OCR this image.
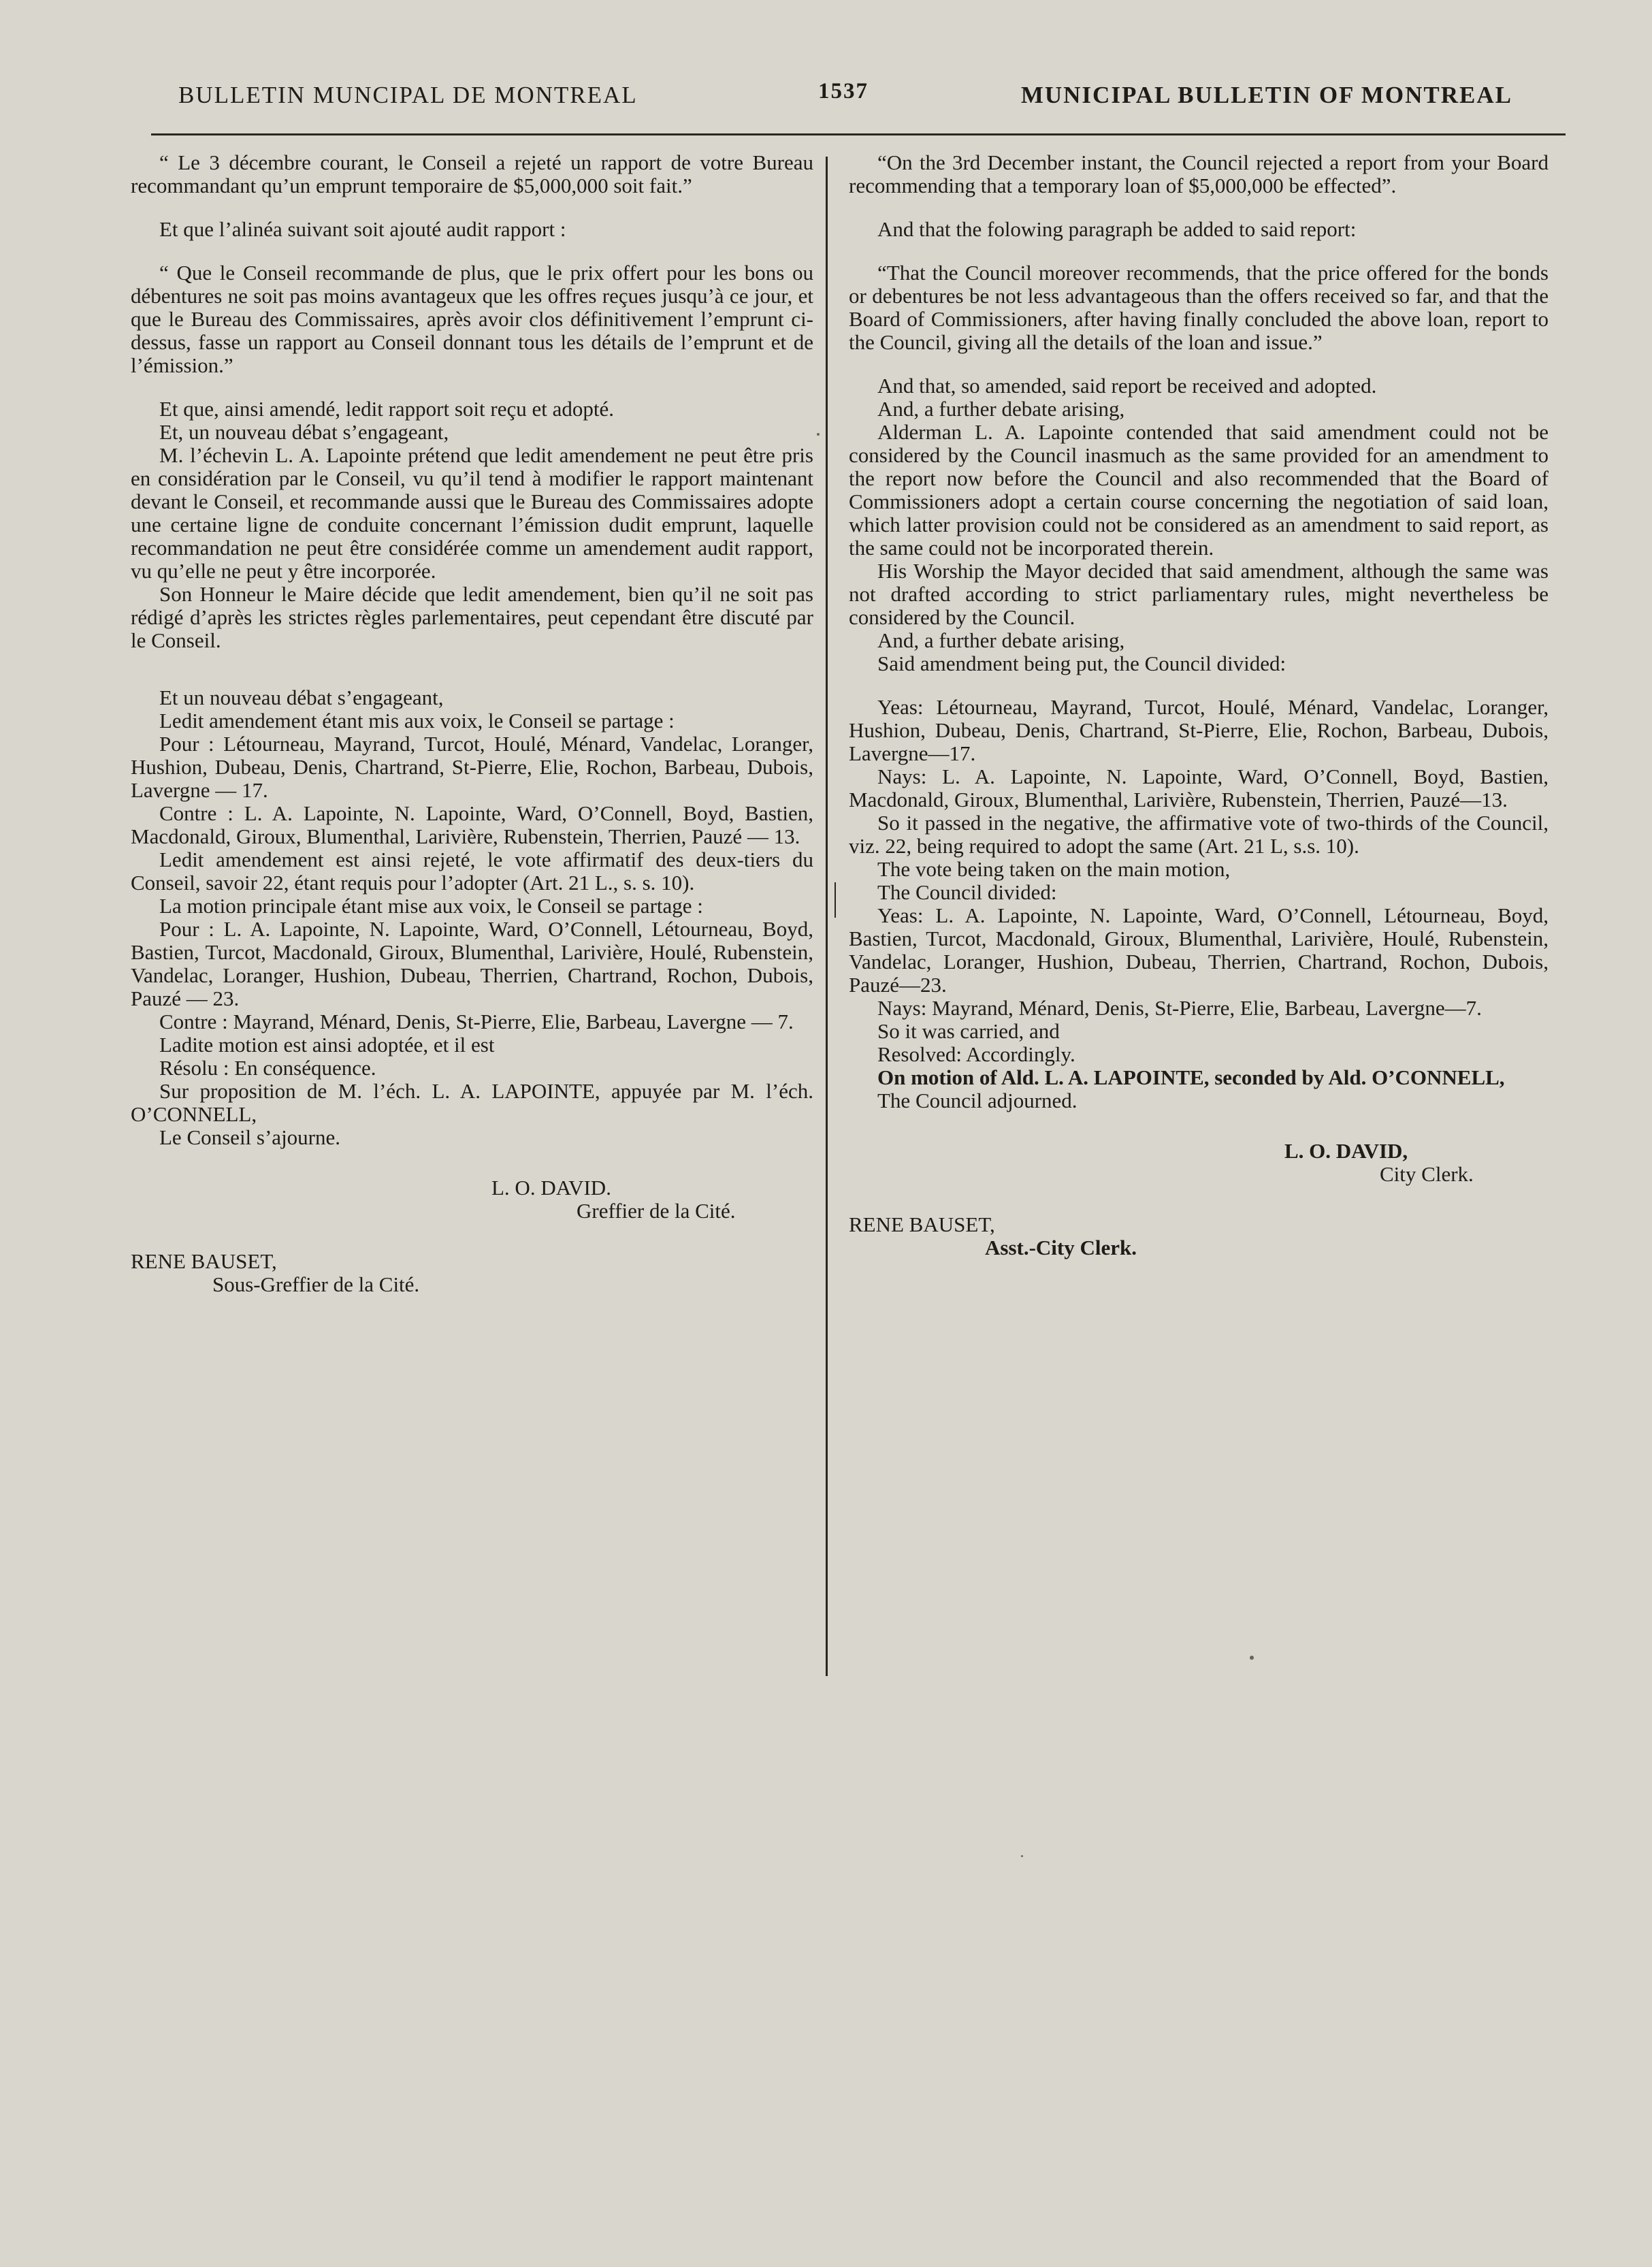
BULLETIN MUNCIPAL DE MONTREAL	1537	MUNICIPAL BULLETIN OF MONTREAL

“ Le 3 décembre courant, le Conseil a rejeté un rapport de votre Bureau recommandant qu’un emprunt temporaire de $5,000,000 soit fait.”

Et que l’alinéa suivant soit ajouté audit rapport :

“ Que le Conseil recommande de plus, que le prix offert pour les bons ou débentures ne soit pas moins avantageux que les offres reçues jusqu’à ce jour, et que le Bureau des Commissaires, après avoir clos définitivement l’emprunt ci-dessus, fasse un rapport au Conseil donnant tous les détails de l’emprunt et de l’émission.”

Et que, ainsi amendé, ledit rapport soit reçu et adopté.

Et, un nouveau débat s’engageant,

M. l’échevin L. A. Lapointe prétend que ledit amendement ne peut être pris en considération par le Conseil, vu qu’il tend à modifier le rapport maintenant devant le Conseil, et recommande aussi que le Bureau des Commissaires adopte une certaine ligne de conduite concernant l’émission dudit emprunt, laquelle recommandation ne peut être considérée comme un amendement audit rapport, vu qu’elle ne peut y être incorporée.

Son Honneur le Maire décide que ledit amendement, bien qu’il ne soit pas rédigé d’après les strictes règles parlementaires, peut cependant être discuté par le Conseil.

Et un nouveau débat s’engageant,

Ledit amendement étant mis aux voix, le Conseil se partage :

Pour : Létourneau, Mayrand, Turcot, Houlé, Ménard, Vandelac, Loranger, Hushion, Dubeau, Denis, Chartrand, St-Pierre, Elie, Rochon, Barbeau, Dubois, Lavergne — 17.

Contre : L. A. Lapointe, N. Lapointe, Ward, O’Connell, Boyd, Bastien, Macdonald, Giroux, Blumenthal, Larivière, Rubenstein, Therrien, Pauzé — 13.

Ledit amendement est ainsi rejeté, le vote affirmatif des deux-tiers du Conseil, savoir 22, étant requis pour l’adopter (Art. 21 L., s. s. 10).

La motion principale étant mise aux voix, le Conseil se partage :

Pour : L. A. Lapointe, N. Lapointe, Ward, O’Connell, Létourneau, Boyd, Bastien, Turcot, Macdonald, Giroux, Blumenthal, Larivière, Houlé, Rubenstein, Vandelac, Loranger, Hushion, Dubeau, Therrien, Chartrand, Rochon, Dubois, Pauzé — 23.

Contre : Mayrand, Ménard, Denis, St-Pierre, Elie, Barbeau, Lavergne — 7.

Ladite motion est ainsi adoptée, et il est

Résolu : En conséquence.

Sur proposition de M. l’éch. L. A. LAPOINTE, appuyée par M. l’éch. O’CONNELL,

Le Conseil s’ajourne.

L. O. DAVID.

Greffier de la Cité.

RENE BAUSET,

Sous-Greffier de la Cité.

“On the 3rd December instant, the Council rejected a report from your Board recommending that a temporary loan of $5,000,000 be effected”.

And that the folowing paragraph be added to said report:

“That the Council moreover recommends, that the price offered for the bonds or debentures be not less advantageous than the offers received so far, and that the Board of Commissioners, after having finally concluded the above loan, report to the Council, giving all the details of the loan and issue.”

And that, so amended, said report be received and adopted.

And, a further debate arising,

Alderman L. A. Lapointe contended that said amendment could not be considered by the Council inasmuch as the same provided for an amendment to the report now before the Council and also recommended that the Board of Commissioners adopt a certain course concerning the negotiation of said loan, which latter provision could not be considered as an amendment to said report, as the same could not be incorporated therein.

His Worship the Mayor decided that said amendment, although the same was not drafted according to strict parliamentary rules, might nevertheless be considered by the Council.

And, a further debate arising,

Said amendment being put, the Council divided:

Yeas: Létourneau, Mayrand, Turcot, Houlé, Ménard, Vandelac, Loranger, Hushion, Dubeau, Denis, Chartrand, St-Pierre, Elie, Rochon, Barbeau, Dubois, Lavergne—17.

Nays: L. A. Lapointe, N. Lapointe, Ward, O’Connell, Boyd, Bastien, Macdonald, Giroux, Blumenthal, Larivière, Rubenstein, Therrien, Pauzé—13.

So it passed in the negative, the affirmative vote of two-thirds of the Council, viz. 22, being required to adopt the same (Art. 21 L, s.s. 10).

The vote being taken on the main motion,

The Council divided:

Yeas: L. A. Lapointe, N. Lapointe, Ward, O’Connell, Létourneau, Boyd, Bastien, Turcot, Macdonald, Giroux, Blumenthal, Larivière, Houlé, Rubenstein, Vandelac, Loranger, Hushion, Dubeau, Therrien, Chartrand, Rochon, Dubois, Pauzé—23.

Nays: Mayrand, Ménard, Denis, St-Pierre, Elie, Barbeau, Lavergne—7.

So it was carried, and

Resolved: Accordingly.

On motion of Ald. L. A. LAPOINTE, seconded by Ald. O’CONNELL,

The Council adjourned.

L. O. DAVID,

City Clerk.

RENE BAUSET,

Asst.-City Clerk.
